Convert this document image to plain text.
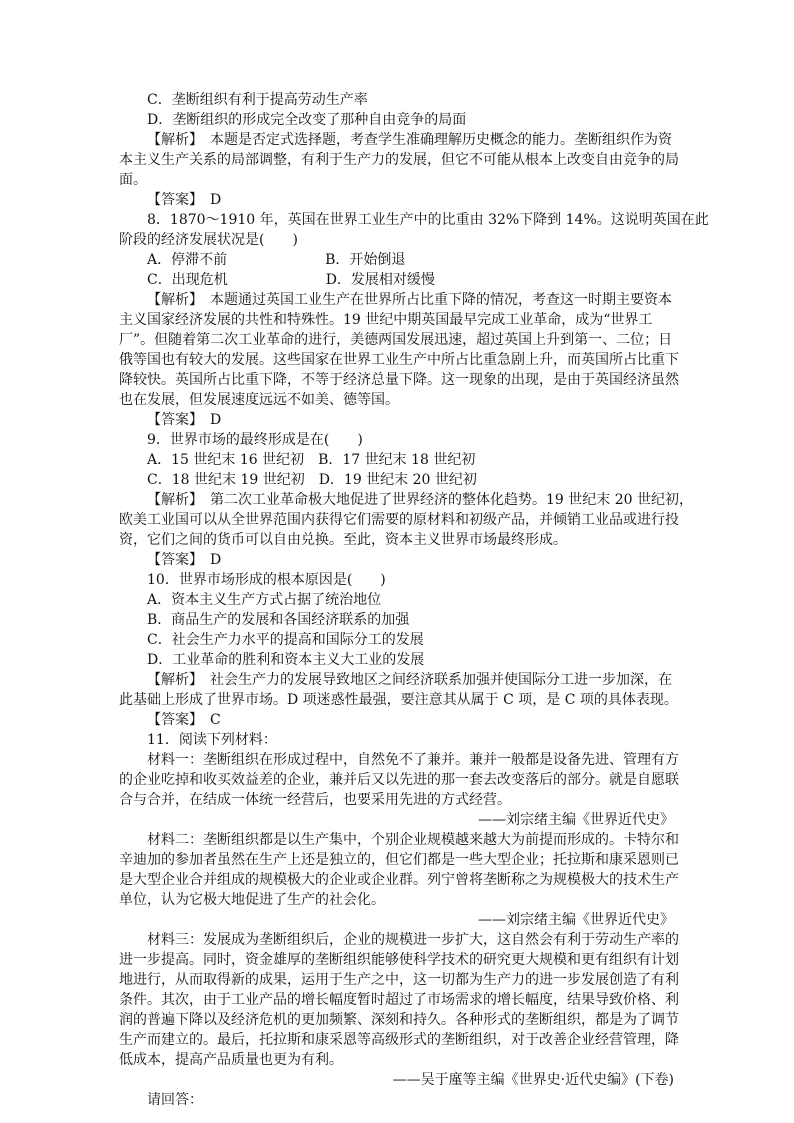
C．垄断组织有利于提高劳动生产率
D．垄断组织的形成完全改变了那种自由竞争的局面
【解析】　本题是否定式选择题，考查学生准确理解历史概念的能力。垄断组织作为资
本主义生产关系的局部调整，有利于生产力的发展，但它不可能从根本上改变自由竞争的局
面。
【答案】　D
8．1870～1910 年，英国在世界工业生产中的比重由 32%下降到 14%。这说明英国在此
阶段的经济发展状况是(　　)
A．停滞不前　　　　　　　B．开始倒退
C．出现危机　　　　　　　D．发展相对缓慢
【解析】　本题通过英国工业生产在世界所占比重下降的情况，考查这一时期主要资本
主义国家经济发展的共性和特殊性。19 世纪中期英国最早完成工业革命，成为“世界工
厂”。但随着第二次工业革命的进行，美德两国发展迅速，超过英国上升到第一、二位；日
俄等国也有较大的发展。这些国家在世界工业生产中所占比重急剧上升，而英国所占比重下
降较快。英国所占比重下降，不等于经济总量下降。这一现象的出现，是由于英国经济虽然
也在发展，但发展速度远远不如美、德等国。
【答案】　D
9．世界市场的最终形成是在(　　)
A．15 世纪末 16 世纪初　B．17 世纪末 18 世纪初
C．18 世纪末 19 世纪初　D．19 世纪末 20 世纪初
【解析】　第二次工业革命极大地促进了世界经济的整体化趋势。19 世纪末 20 世纪初，
欧美工业国可以从全世界范围内获得它们需要的原材料和初级产品，并倾销工业品或进行投
资，它们之间的货币可以自由兑换。至此，资本主义世界市场最终形成。
【答案】　D
10．世界市场形成的根本原因是(　　)
A．资本主义生产方式占据了统治地位
B．商品生产的发展和各国经济联系的加强
C．社会生产力水平的提高和国际分工的发展
D．工业革命的胜利和资本主义大工业的发展
【解析】　社会生产力的发展导致地区之间经济联系加强并使国际分工进一步加深，在
此基础上形成了世界市场。D 项迷惑性最强，要注意其从属于 C 项，是 C 项的具体表现。
【答案】　C
11．阅读下列材料：
材料一：垄断组织在形成过程中，自然免不了兼并。兼并一般都是设备先进、管理有方
的企业吃掉和收买效益差的企业，兼并后又以先进的那一套去改变落后的部分。就是自愿联
合与合并，在结成一体统一经营后，也要采用先进的方式经营。
——刘宗绪主编《世界近代史》
材料二：垄断组织都是以生产集中，个别企业规模越来越大为前提而形成的。卡特尔和
辛迪加的参加者虽然在生产上还是独立的，但它们都是一些大型企业；托拉斯和康采恩则已
是大型企业合并组成的规模极大的企业或企业群。列宁曾将垄断称之为规模极大的技术生产
单位，认为它极大地促进了生产的社会化。
——刘宗绪主编《世界近代史》
材料三：发展成为垄断组织后，企业的规模进一步扩大，这自然会有利于劳动生产率的
进一步提高。同时，资金雄厚的垄断组织能够使科学技术的研究更大规模和更有组织有计划
地进行，从而取得新的成果，运用于生产之中，这一切都为生产力的进一步发展创造了有利
条件。其次，由于工业产品的增长幅度暂时超过了市场需求的增长幅度，结果导致价格、利
润的普遍下降以及经济危机的更加频繁、深刻和持久。各种形式的垄断组织，都是为了调节
生产而建立的。最后，托拉斯和康采恩等高级形式的垄断组织，对于改善企业经营管理，降
低成本，提高产品质量也更为有利。
——吴于廑等主编《世界史·近代史编》(下卷)
请回答：
